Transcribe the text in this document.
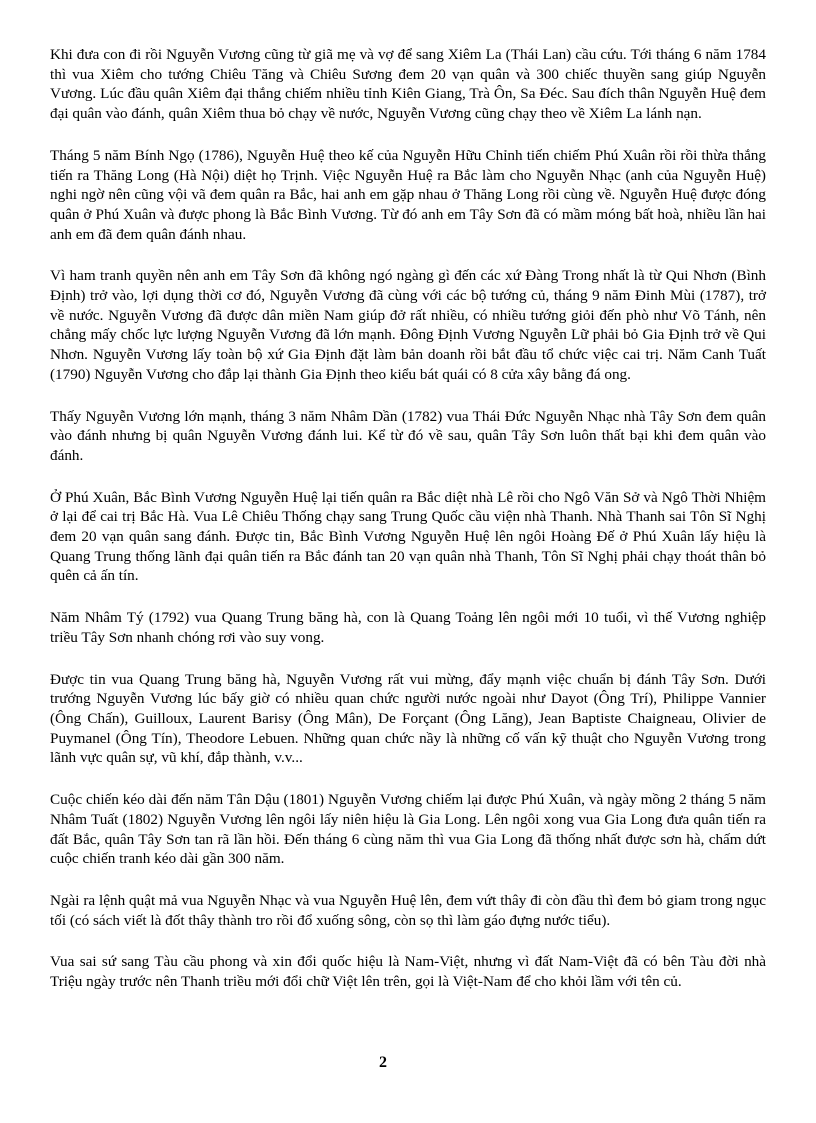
Khi đưa con đi rồi Nguyễn Vương cũng từ giã mẹ và vợ để sang Xiêm La (Thái Lan) cầu cứu. Tới tháng 6 năm 1784 thì vua Xiêm cho tướng Chiêu Tăng và Chiêu Sương đem 20 vạn quân và 300 chiếc thuyền sang giúp Nguyễn Vương. Lúc đầu quân Xiêm đại thắng chiếm nhiều tỉnh Kiên Giang, Trà Ôn, Sa Đéc. Sau đích thân Nguyễn Huệ đem đại quân vào đánh, quân Xiêm thua bỏ chạy về nước, Nguyễn Vương cũng chạy theo về Xiêm La lánh nạn.

Tháng 5 năm Bính Ngọ (1786), Nguyễn Huệ theo kế của Nguyễn Hữu Chỉnh tiến chiếm Phú Xuân rồi rồi thừa thắng tiến ra Thăng Long (Hà Nội) diệt họ Trịnh. Việc Nguyễn Huệ ra Bắc làm cho Nguyễn Nhạc (anh của Nguyễn Huệ) nghi ngờ nên cũng vội vã đem quân ra Bắc, hai anh em gặp nhau ở Thăng Long rồi cùng về. Nguyễn Huệ được đóng quân ở Phú Xuân và được phong là Bắc Bình Vương. Từ đó anh em Tây Sơn đã có mầm móng bất hoà, nhiều lần hai anh em đã đem quân đánh nhau.

Vì ham tranh quyền nên anh em Tây Sơn đã không ngó ngàng gì đến các xứ Đàng Trong nhất là từ Qui Nhơn (Bình Định) trở vào, lợi dụng thời cơ đó, Nguyễn Vương đã cùng với các bộ tướng củ, tháng 9 năm Đinh Mùi (1787), trở về nước. Nguyễn Vương đã được dân miền Nam giúp đở rất nhiều, có nhiều tướng giỏi đến phò như Võ Tánh, nên chẳng mấy chốc lực lượng Nguyễn Vương đã lớn mạnh. Đông Định Vương Nguyễn Lữ phải bỏ Gia Định trở về Qui Nhơn. Nguyễn Vương lấy toàn bộ xứ Gia Định đặt làm bản doanh rồi bắt đầu tổ chức việc cai trị. Năm Canh Tuất (1790) Nguyễn Vương cho đắp lại thành Gia Định theo kiểu bát quái có 8 cửa xây bằng đá ong.

Thấy Nguyễn Vương lớn mạnh, tháng 3 năm Nhâm Dần (1782) vua Thái Đức Nguyễn Nhạc nhà Tây Sơn đem quân vào đánh nhưng bị quân Nguyễn Vương đánh lui. Kể từ đó về sau, quân Tây Sơn luôn thất bại khi đem quân vào đánh.

Ở Phú Xuân, Bắc Bình Vương Nguyễn Huệ lại tiến quân ra Bắc diệt nhà Lê rồi cho Ngô Văn Sở và Ngô Thời Nhiệm ở lại để cai trị Bắc Hà. Vua Lê Chiêu Thống chạy sang Trung Quốc cầu viện nhà Thanh. Nhà Thanh sai Tôn Sĩ Nghị đem 20 vạn quân sang đánh. Được tin, Bắc Bình Vương Nguyễn Huệ lên ngôi Hoàng Đế ở Phú Xuân lấy hiệu là Quang Trung thống lãnh đại quân tiến ra Bắc đánh tan 20 vạn quân nhà Thanh, Tôn Sĩ Nghị phải chạy thoát thân bỏ quên cả ấn tín.

Năm Nhâm Tý (1792) vua Quang Trung băng hà, con là Quang Toảng lên ngôi mới 10 tuổi, vì thế Vương nghiệp triều Tây Sơn nhanh chóng rơi vào suy vong.

Được tin vua Quang Trung băng hà, Nguyễn Vương rất vui mừng, đẩy mạnh việc chuẩn bị đánh Tây Sơn. Dưới trướng Nguyễn Vương lúc bấy giờ có nhiều quan chức người nước ngoài như Dayot (Ông Trí), Philippe Vannier (Ông Chấn), Guilloux, Laurent Barisy (Ông Mân), De Forçant (Ông Lăng), Jean Baptiste Chaigneau, Olivier de Puymanel (Ông Tín), Theodore Lebuen. Những quan chức nầy là những cố vấn kỹ thuật cho Nguyễn Vương trong lãnh vực quân sự, vũ khí, đắp thành, v.v...

Cuộc chiến kéo dài đến năm Tân Dậu (1801) Nguyễn Vương chiếm lại được Phú Xuân, và ngày mồng 2 tháng 5 năm Nhâm Tuất (1802) Nguyễn Vương lên ngôi lấy niên hiệu là Gia Long. Lên ngôi xong vua Gia Long đưa quân tiến ra đất Bắc, quân Tây Sơn tan rã lần hồi. Đến tháng 6 cùng năm thì vua Gia Long đã thống nhất được sơn hà, chấm dứt cuộc chiến tranh kéo dài gần 300 năm.

Ngài ra lệnh quật mả vua Nguyễn Nhạc và vua Nguyễn Huệ lên, đem vứt thây đi còn đầu thì đem bỏ giam trong ngục tối (có sách viết là đốt thây thành tro rồi đổ xuống sông, còn sọ thì làm gáo đựng nước tiểu).

Vua sai sứ sang Tàu cầu phong và xin đổi quốc hiệu là Nam-Việt, nhưng vì đất Nam-Việt đã có bên Tàu đời nhà Triệu ngày trước nên Thanh triều mới đổi chữ Việt lên trên, gọi là Việt-Nam để cho khỏi lầm với tên củ.

2
